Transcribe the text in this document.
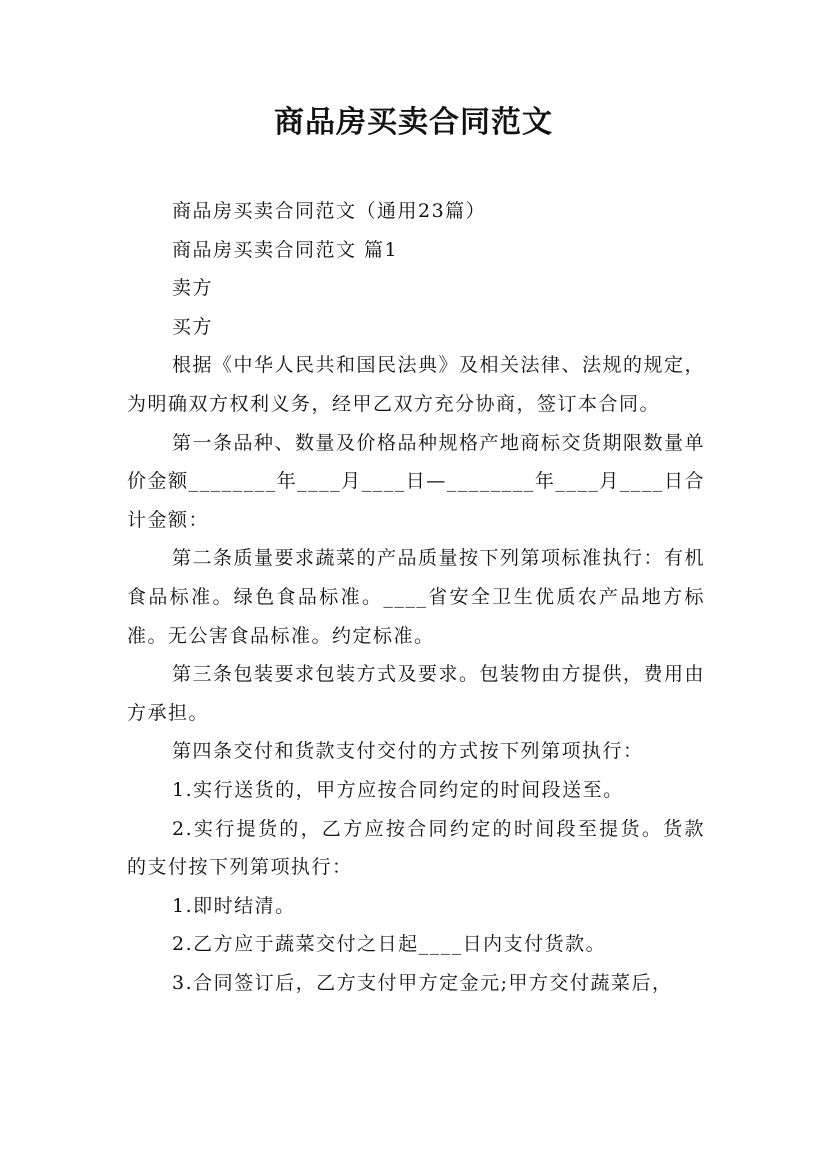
商品房买卖合同范文

商品房买卖合同范文（通用23篇）

商品房买卖合同范文 篇1

卖方

买方

根据《中华人民共和国民法典》及相关法律、法规的规定，为明确双方权利义务，经甲乙双方充分协商，签订本合同。

第一条品种、数量及价格品种规格产地商标交货期限数量单价金额________年____月____日—________年____月____日合计金额：

第二条质量要求蔬菜的产品质量按下列第项标准执行：有机食品标准。绿色食品标准。____省安全卫生优质农产品地方标准。无公害食品标准。约定标准。

第三条包装要求包装方式及要求。包装物由方提供，费用由方承担。

第四条交付和货款支付交付的方式按下列第项执行：

1.实行送货的，甲方应按合同约定的时间段送至。

2.实行提货的，乙方应按合同约定的时间段至提货。货款的支付按下列第项执行：

1.即时结清。

2.乙方应于蔬菜交付之日起____日内支付货款。

3.合同签订后，乙方支付甲方定金元;甲方交付蔬菜后，
